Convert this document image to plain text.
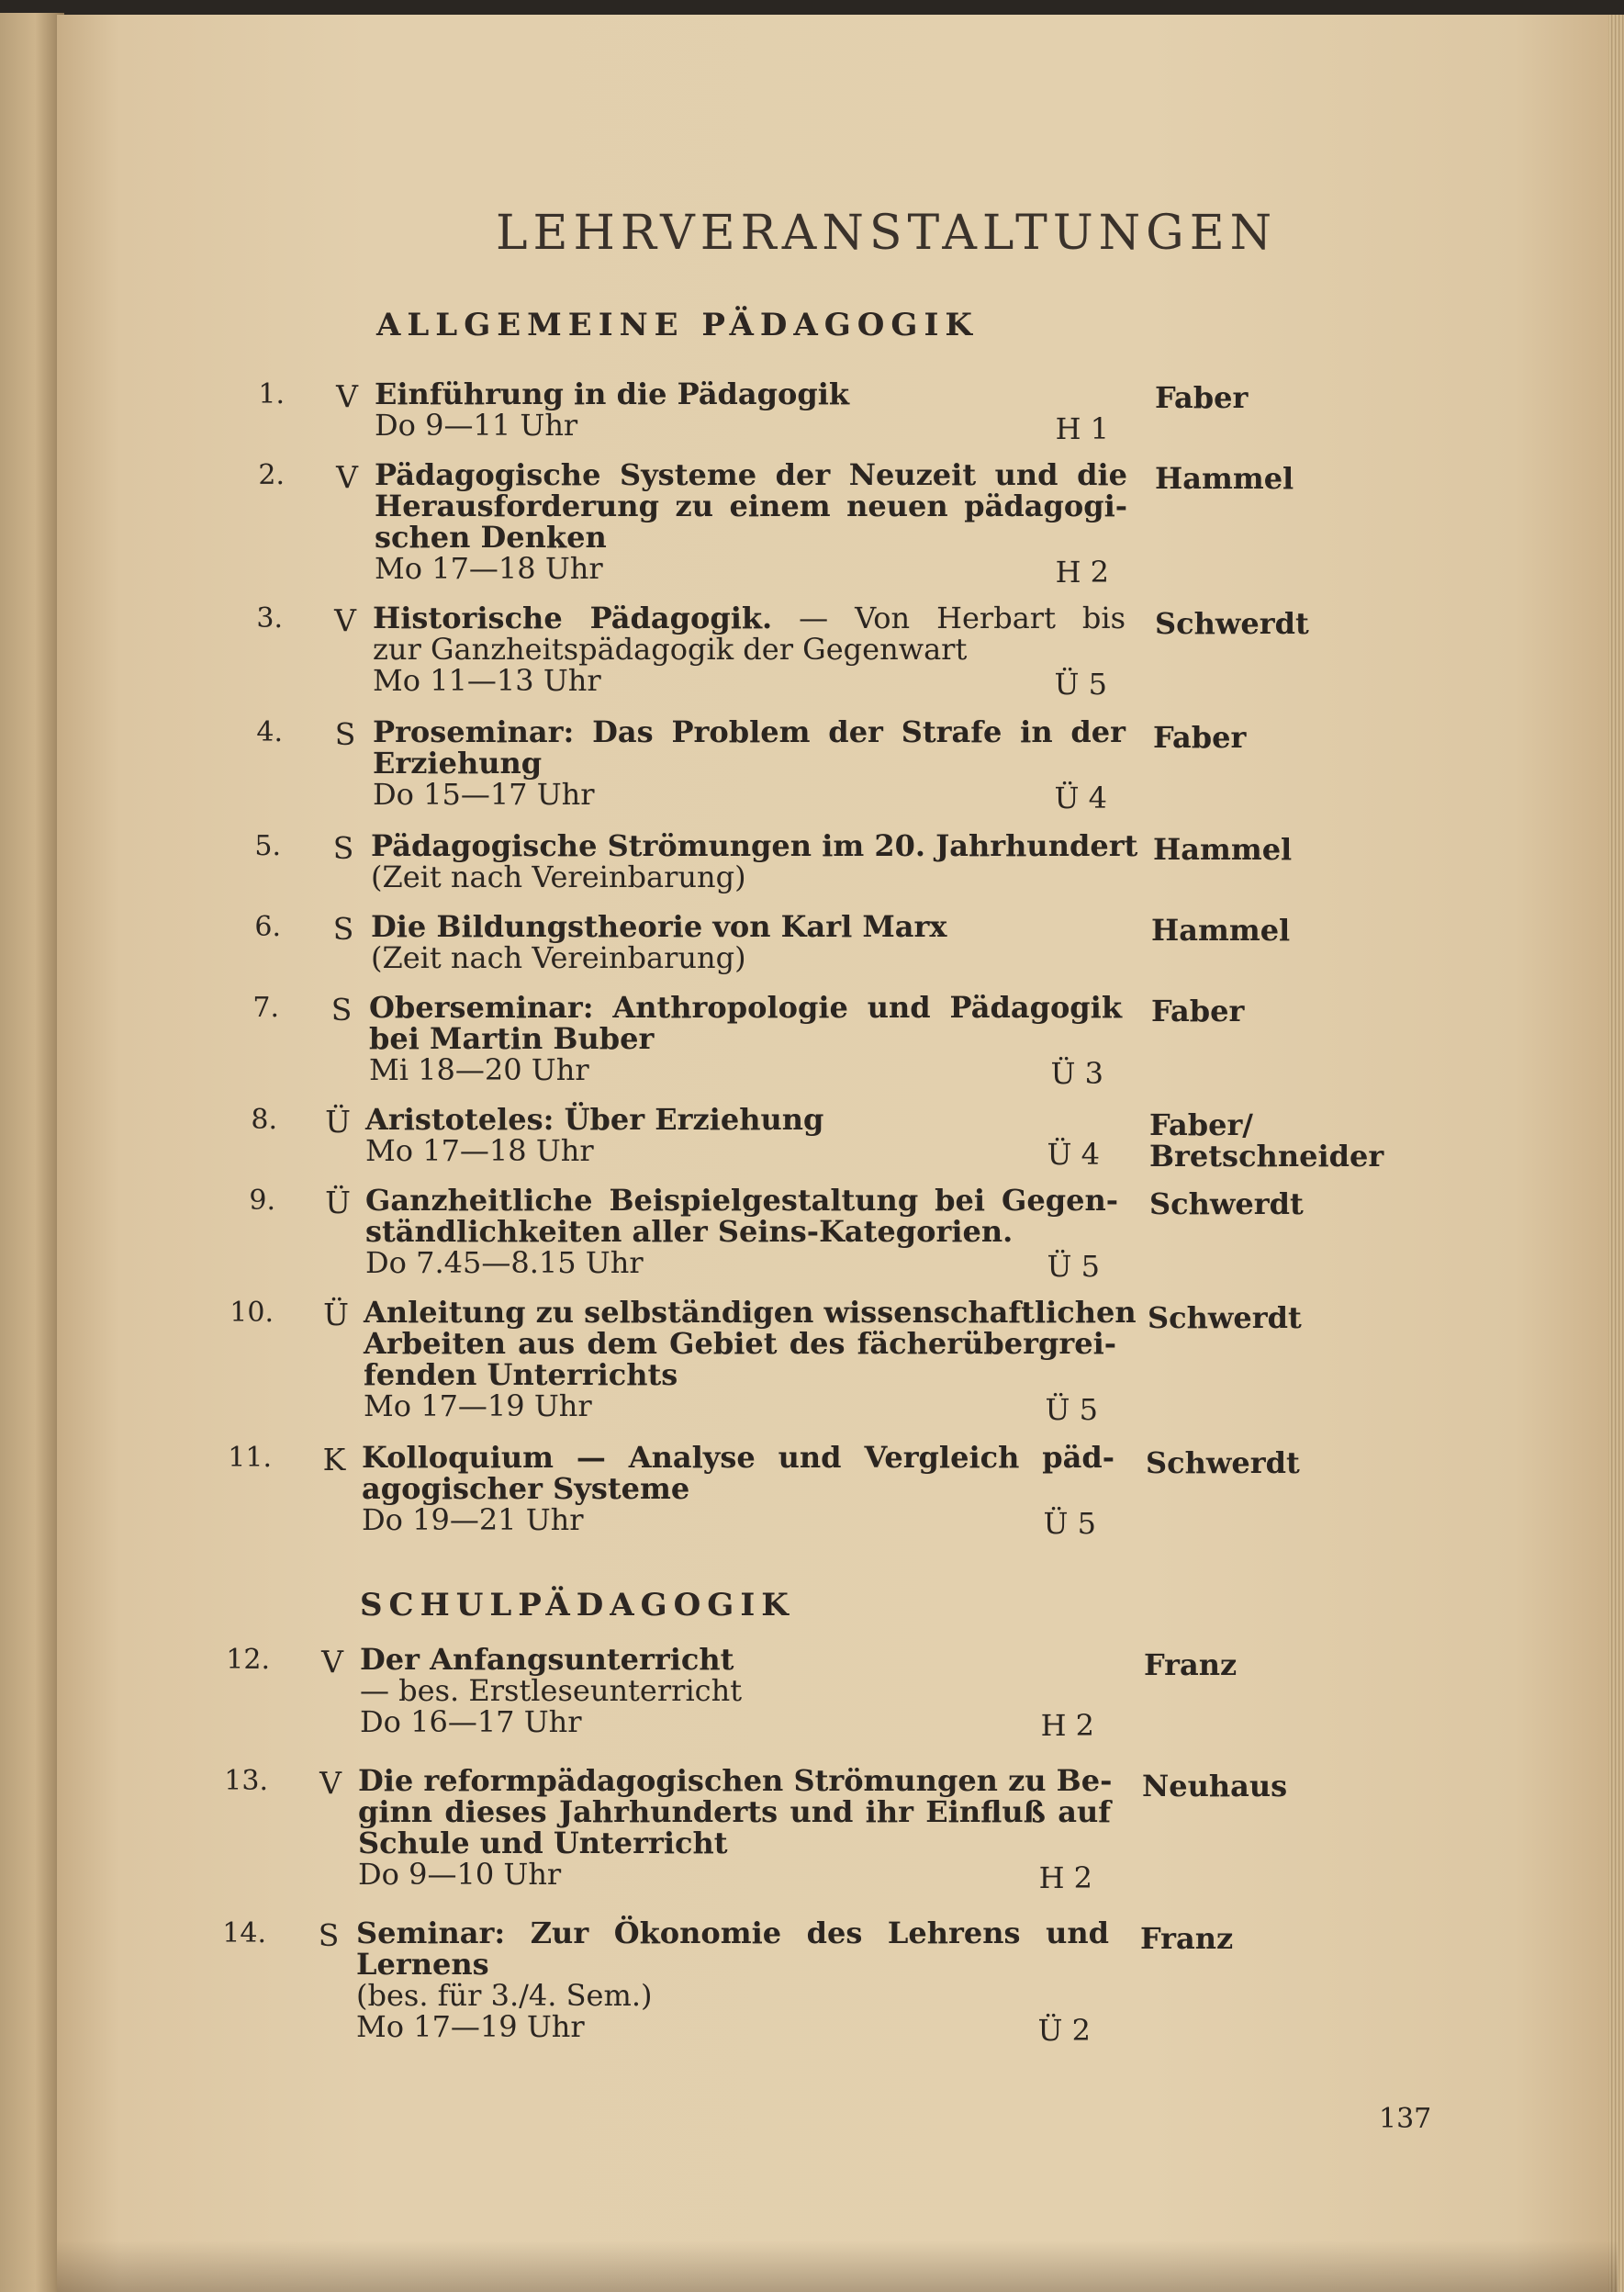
LEHRVERANSTALTUNGEN
ALLGEMEINE PÄDAGOGIK
SCHULPÄDAGOGIK
1. V Einführung in die Pädagogik
Do 9—11 Uhr	H 1
Faber
2. V Pädagogische Systeme der Neuzeit und die
Herausforderung zu einem neuen pädagogi-
schen Denken
Mo 17—18 Uhr	H 2
Hammel
3. V Historische Pädagogik. — Von Herbart bis
zur Ganzheitspädagogik der Gegenwart
Mo 11—13 Uhr	Ü 5
Schwerdt
4. S Proseminar: Das Problem der Strafe in der
Erziehung
Do 15—17 Uhr	Ü 4
Faber
5. S Pädagogische Strömungen im 20. Jahrhundert
(Zeit nach Vereinbarung)
Hammel
6. S Die Bildungstheorie von Karl Marx
(Zeit nach Vereinbarung)
Hammel
7. S Oberseminar: Anthropologie und Pädagogik
bei Martin Buber
Mi 18—20 Uhr	Ü 3
Faber
8. Ü Aristoteles: Über Erziehung
Mo 17—18 Uhr	Ü 4
Faber/
Bretschneider
9. Ü Ganzheitliche Beispielgestaltung bei Gegen-
ständlichkeiten aller Seins-Kategorien.
Do 7.45—8.15 Uhr	Ü 5
Schwerdt
10. Ü Anleitung zu selbständigen wissenschaftlichen
Arbeiten aus dem Gebiet des fächerübergrei-
fenden Unterrichts
Mo 17—19 Uhr	Ü 5
Schwerdt
11. K Kolloquium — Analyse und Vergleich päd-
agogischer Systeme
Do 19—21 Uhr	Ü 5
Schwerdt
12. V Der Anfangsunterricht
— bes. Erstleseunterricht
Do 16—17 Uhr	H 2
Franz
13. V Die reformpädagogischen Strömungen zu Be-
ginn dieses Jahrhunderts und ihr Einfluß auf
Schule und Unterricht
Do 9—10 Uhr	H 2
Neuhaus
14. S Seminar: Zur Ökonomie des Lehrens und
Lernens
(bes. für 3./4. Sem.)
Mo 17—19 Uhr	Ü 2
Franz
137
